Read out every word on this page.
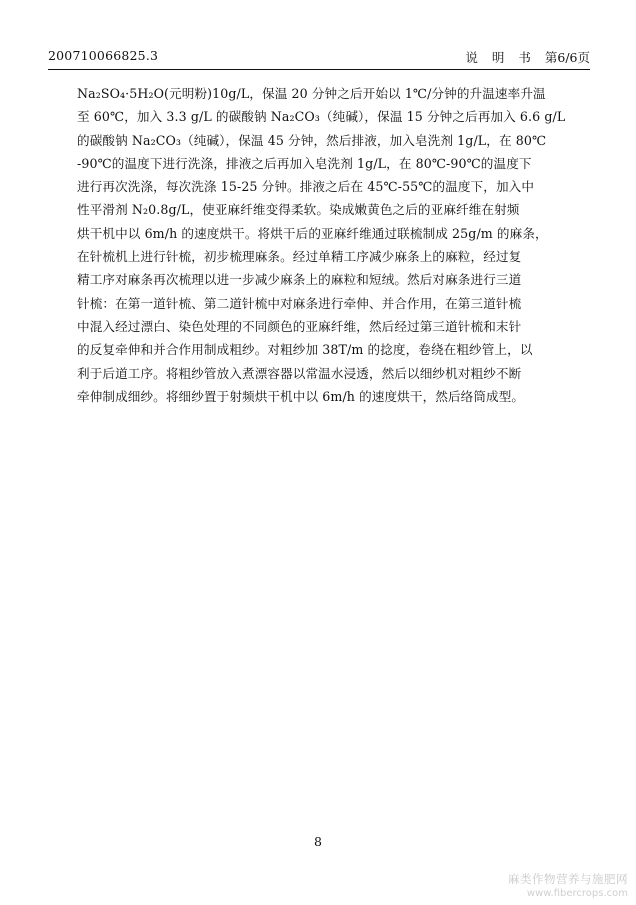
200710066825.3	说 明 书 第6/6页
Na₂SO₄·5H₂O(元明粉)10g/L，保温 20 分钟之后开始以 1℃/分钟的升温速率升温
至 60℃，加入 3.3 g/L 的碳酸钠 Na₂CO₃（纯碱），保温 15 分钟之后再加入 6.6 g/L
的碳酸钠 Na₂CO₃（纯碱），保温 45 分钟，然后排液，加入皂洗剂 1g/L，在 80℃
-90℃的温度下进行洗涤，排液之后再加入皂洗剂 1g/L，在 80℃-90℃的温度下
进行再次洗涤，每次洗涤 15-25 分钟。排液之后在 45℃-55℃的温度下，加入中
性平滑剂 N₂0.8g/L，使亚麻纤维变得柔软。染成嫩黄色之后的亚麻纤维在射频
烘干机中以 6m/h 的速度烘干。将烘干后的亚麻纤维通过联梳制成 25g/m 的麻条，
在针梳机上进行针梳，初步梳理麻条。经过单精工序减少麻条上的麻粒，经过复
精工序对麻条再次梳理以进一步减少麻条上的麻粒和短绒。然后对麻条进行三道
针梳：在第一道针梳、第二道针梳中对麻条进行牵伸、并合作用，在第三道针梳
中混入经过漂白、染色处理的不同颜色的亚麻纤维，然后经过第三道针梳和末针
的反复牵伸和并合作用制成粗纱。对粗纱加 38T/m 的捻度，卷绕在粗纱管上，以
利于后道工序。将粗纱管放入煮漂容器以常温水浸透，然后以细纱机对粗纱不断
牵伸制成细纱。将细纱置于射频烘干机中以 6m/h 的速度烘干，然后络筒成型。
8
麻类作物营养与施肥网
www.fibercrops.com
